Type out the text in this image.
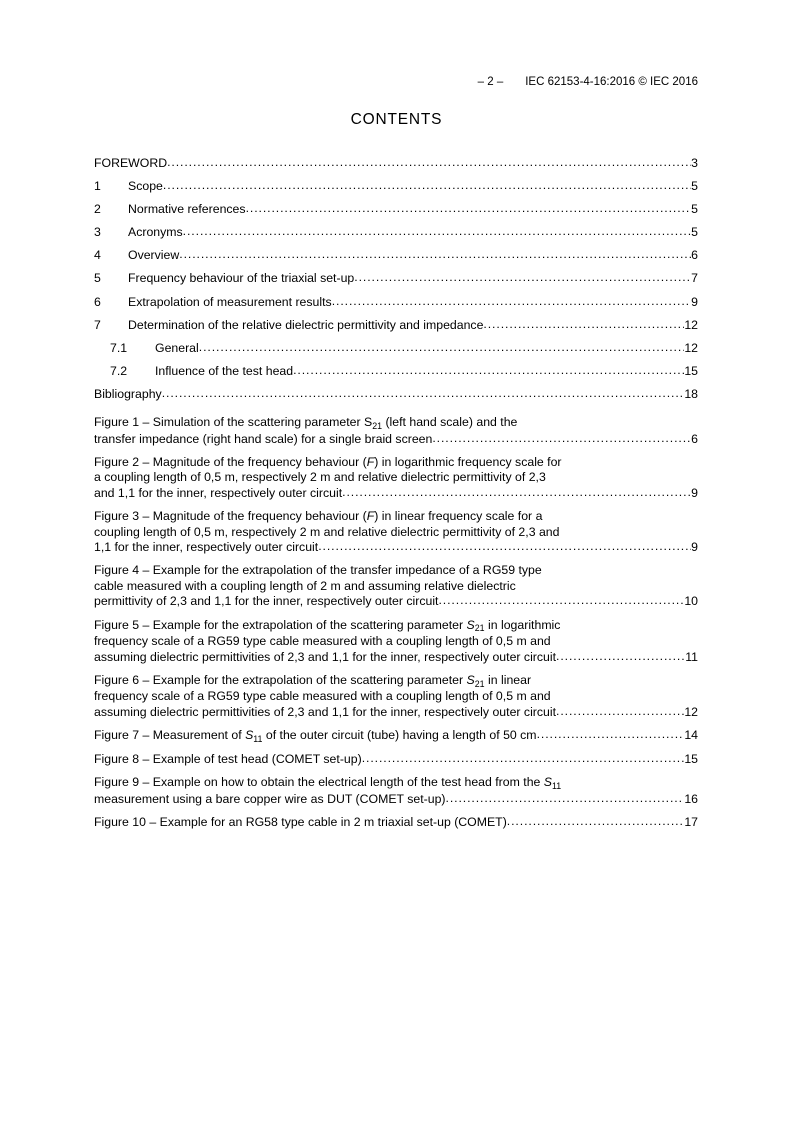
– 2 – IEC 62153-4-16:2016 © IEC 2016
CONTENTS
FOREWORD .....	3
1	Scope .....	5
2	Normative references .....	5
3	Acronyms .....	5
4	Overview .....	6
5	Frequency behaviour of the triaxial set-up .....	7
6	Extrapolation of measurement results .....	9
7	Determination of the relative dielectric permittivity and impedance .....	12
7.1	General .....	12
7.2	Influence of the test head .....	15
Bibliography .....	18
Figure 1 – Simulation of the scattering parameter $S_{21}$ (left hand scale) and the
transfer impedance (right hand scale) for a single braid screen .....	6
Figure 2 – Magnitude of the frequency behaviour (F) in logarithmic frequency scale for
a coupling length of 0,5 m, respectively 2 m and relative dielectric permittivity of 2,3
and 1,1 for the inner, respectively outer circuit .....	9
Figure 3 – Magnitude of the frequency behaviour (F) in linear frequency scale for a
coupling length of 0,5 m, respectively 2 m and relative dielectric permittivity of 2,3 and
1,1 for the inner, respectively outer circuit .....	9
Figure 4 – Example for the extrapolation of the transfer impedance of a RG59 type
cable measured with a coupling length of 2 m and assuming relative dielectric
permittivity of 2,3 and 1,1 for the inner, respectively outer circuit .....	10
Figure 5 – Example for the extrapolation of the scattering parameter $S_{21}$ in logarithmic
frequency scale of a RG59 type cable measured with a coupling length of 0,5 m and
assuming dielectric permittivities of 2,3 and 1,1 for the inner, respectively outer circuit .....	11
Figure 6 – Example for the extrapolation of the scattering parameter $S_{21}$ in linear
frequency scale of a RG59 type cable measured with a coupling length of 0,5 m and
assuming dielectric permittivities of 2,3 and 1,1 for the inner, respectively outer circuit .....	12
Figure 7 – Measurement of $S_{11}$ of the outer circuit (tube) having a length of 50 cm .....	14
Figure 8 – Example of test head (COMET set-up) .....	15
Figure 9 – Example on how to obtain the electrical length of the test head from the $S_{11}$
measurement using a bare copper wire as DUT (COMET set-up) .....	16
Figure 10 – Example for an RG58 type cable in 2 m triaxial set-up (COMET) .....	17
